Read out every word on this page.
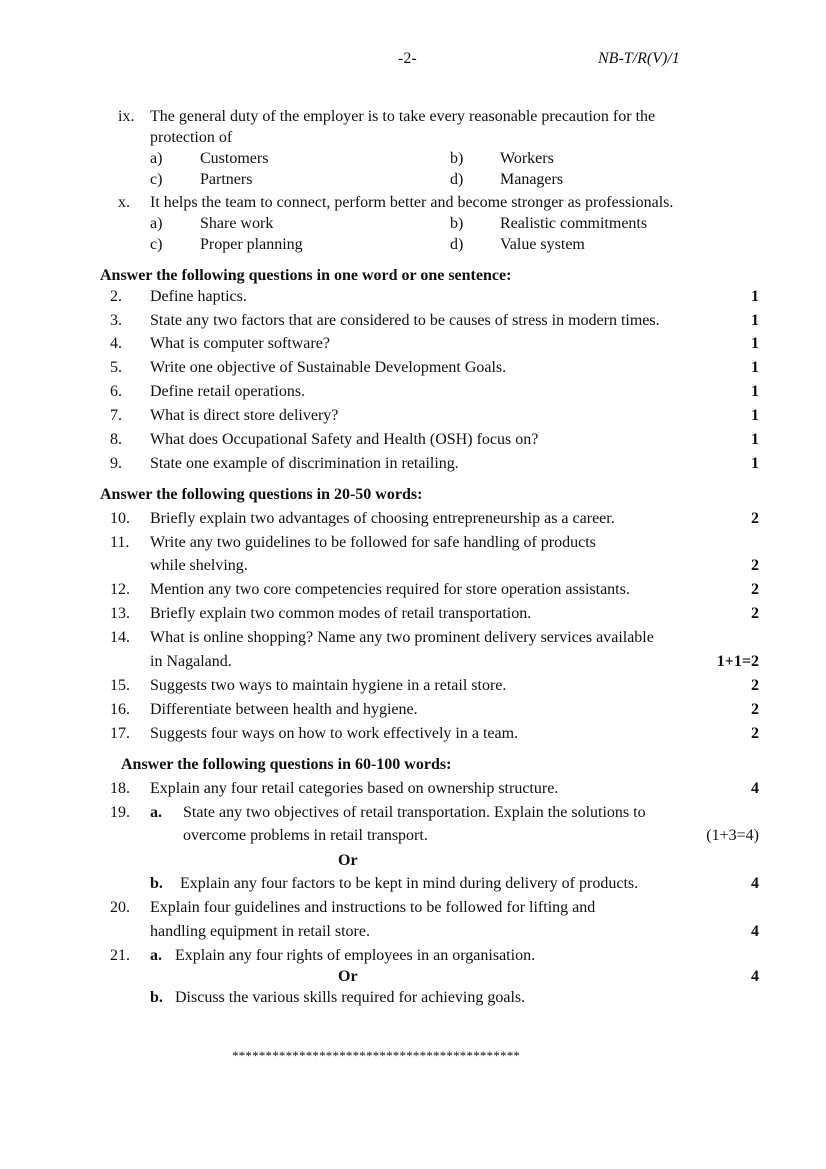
-2-	NB-T/R(V)/1
ix. The general duty of the employer is to take every reasonable precaution for the
protection of
a) Customers	b) Workers
c) Partners	d) Managers
x. It helps the team to connect, perform better and become stronger as professionals.
a) Share work	b) Realistic commitments
c) Proper planning	d) Value system
Answer the following questions in one word or one sentence:
2. Define haptics.	1
3. State any two factors that are considered to be causes of stress in modern times.	1
4. What is computer software?	1
5. Write one objective of Sustainable Development Goals.	1
6. Define retail operations.	1
7. What is direct store delivery?	1
8. What does Occupational Safety and Health (OSH) focus on?	1
9. State one example of discrimination in retailing.	1
Answer the following questions in 20-50 words:
10. Briefly explain two advantages of choosing entrepreneurship as a career.	2
11. Write any two guidelines to be followed for safe handling of products
while shelving.	2
12. Mention any two core competencies required for store operation assistants.	2
13. Briefly explain two common modes of retail transportation.	2
14. What is online shopping? Name any two prominent delivery services available
in Nagaland.	1+1=2
15. Suggests two ways to maintain hygiene in a retail store.	2
16. Differentiate between health and hygiene.	2
17. Suggests four ways on how to work effectively in a team.	2
Answer the following questions in 60-100 words:
18. Explain any four retail categories based on ownership structure.	4
19. a. State any two objectives of retail transportation. Explain the solutions to
overcome problems in retail transport.	(1+3=4)
Or
b. Explain any four factors to be kept in mind during delivery of products.	4
20. Explain four guidelines and instructions to be followed for lifting and
handling equipment in retail store.	4
21. a. Explain any four rights of employees in an organisation.
Or	4
b. Discuss the various skills required for achieving goals.
*******************************************
